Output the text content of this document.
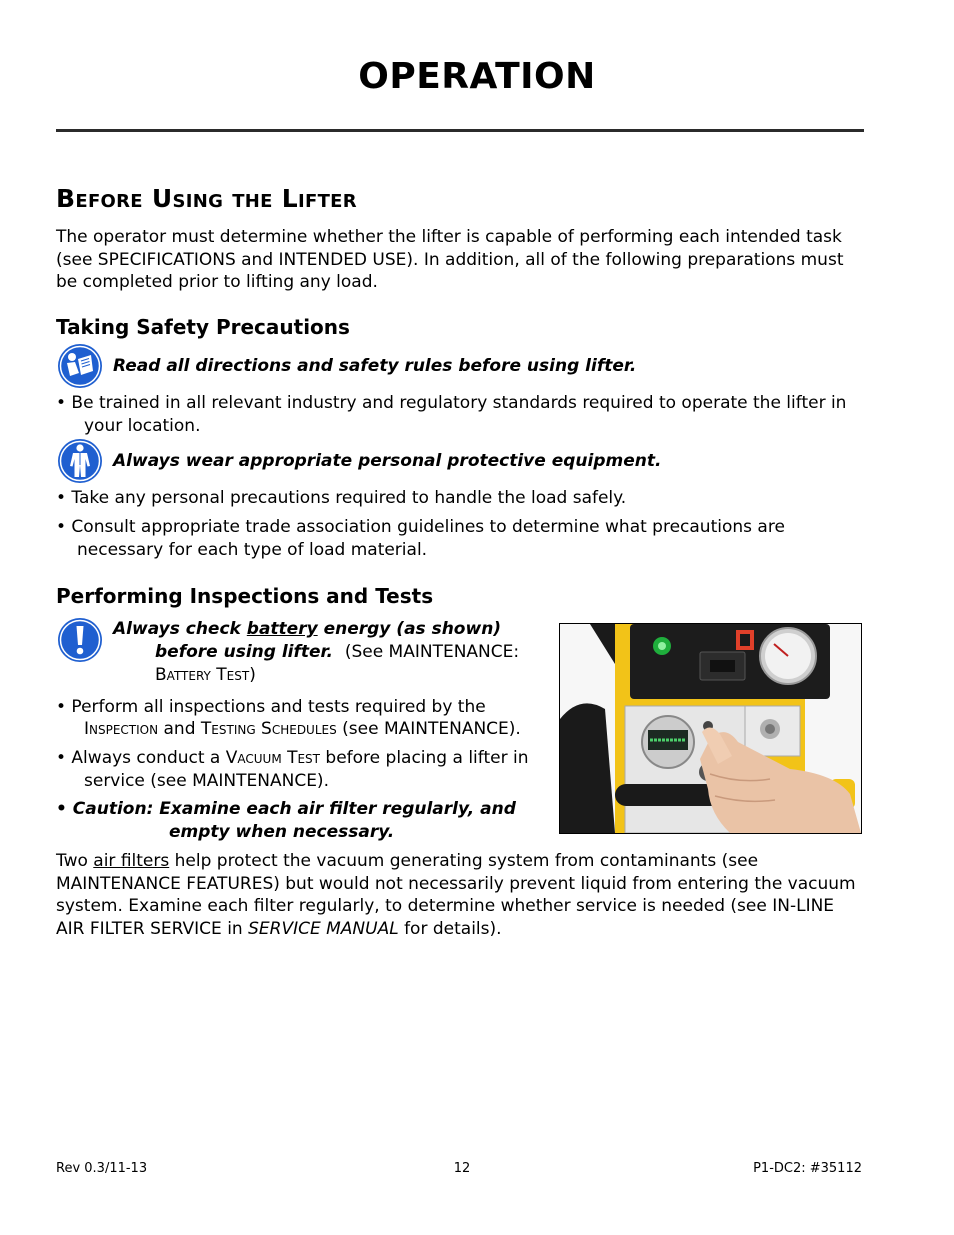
OPERATION
Before Using the Lifter

The operator must determine whether the lifter is capable of performing each intended task (see SPECIFICATIONS and INTENDED USE). In addition, all of the following preparations must be completed prior to lifting any load.

Taking Safety Precautions

Read all directions and safety rules before using lifter.

• Be trained in all relevant industry and regulatory standards required to operate the lifter in your location.

Always wear appropriate personal protective equipment.

• Take any personal precautions required to handle the load safely.

• Consult appropriate trade association guidelines to determine what precautions are necessary for each type of load material.

Performing Inspections and Tests

Always check battery energy (as shown)

before using lifter. (See MAINTENANCE:

Battery Test)

• Perform all inspections and tests required by the

Inspection and Testing Schedules (see MAINTENANCE).

• Always conduct a Vacuum Test before placing a lifter in

service (see MAINTENANCE).

• Caution: Examine each air filter regularly, and

empty when necessary.

Two air filters help protect the vacuum generating system from contaminants (see MAINTENANCE FEATURES) but would not necessarily prevent liquid from entering the vacuum system. Examine each filter regularly, to determine whether service is needed (see IN-LINE AIR FILTER SERVICE in SERVICE MANUAL for details).

Rev 0.3/11-13	12	P1-DC2: #35112
